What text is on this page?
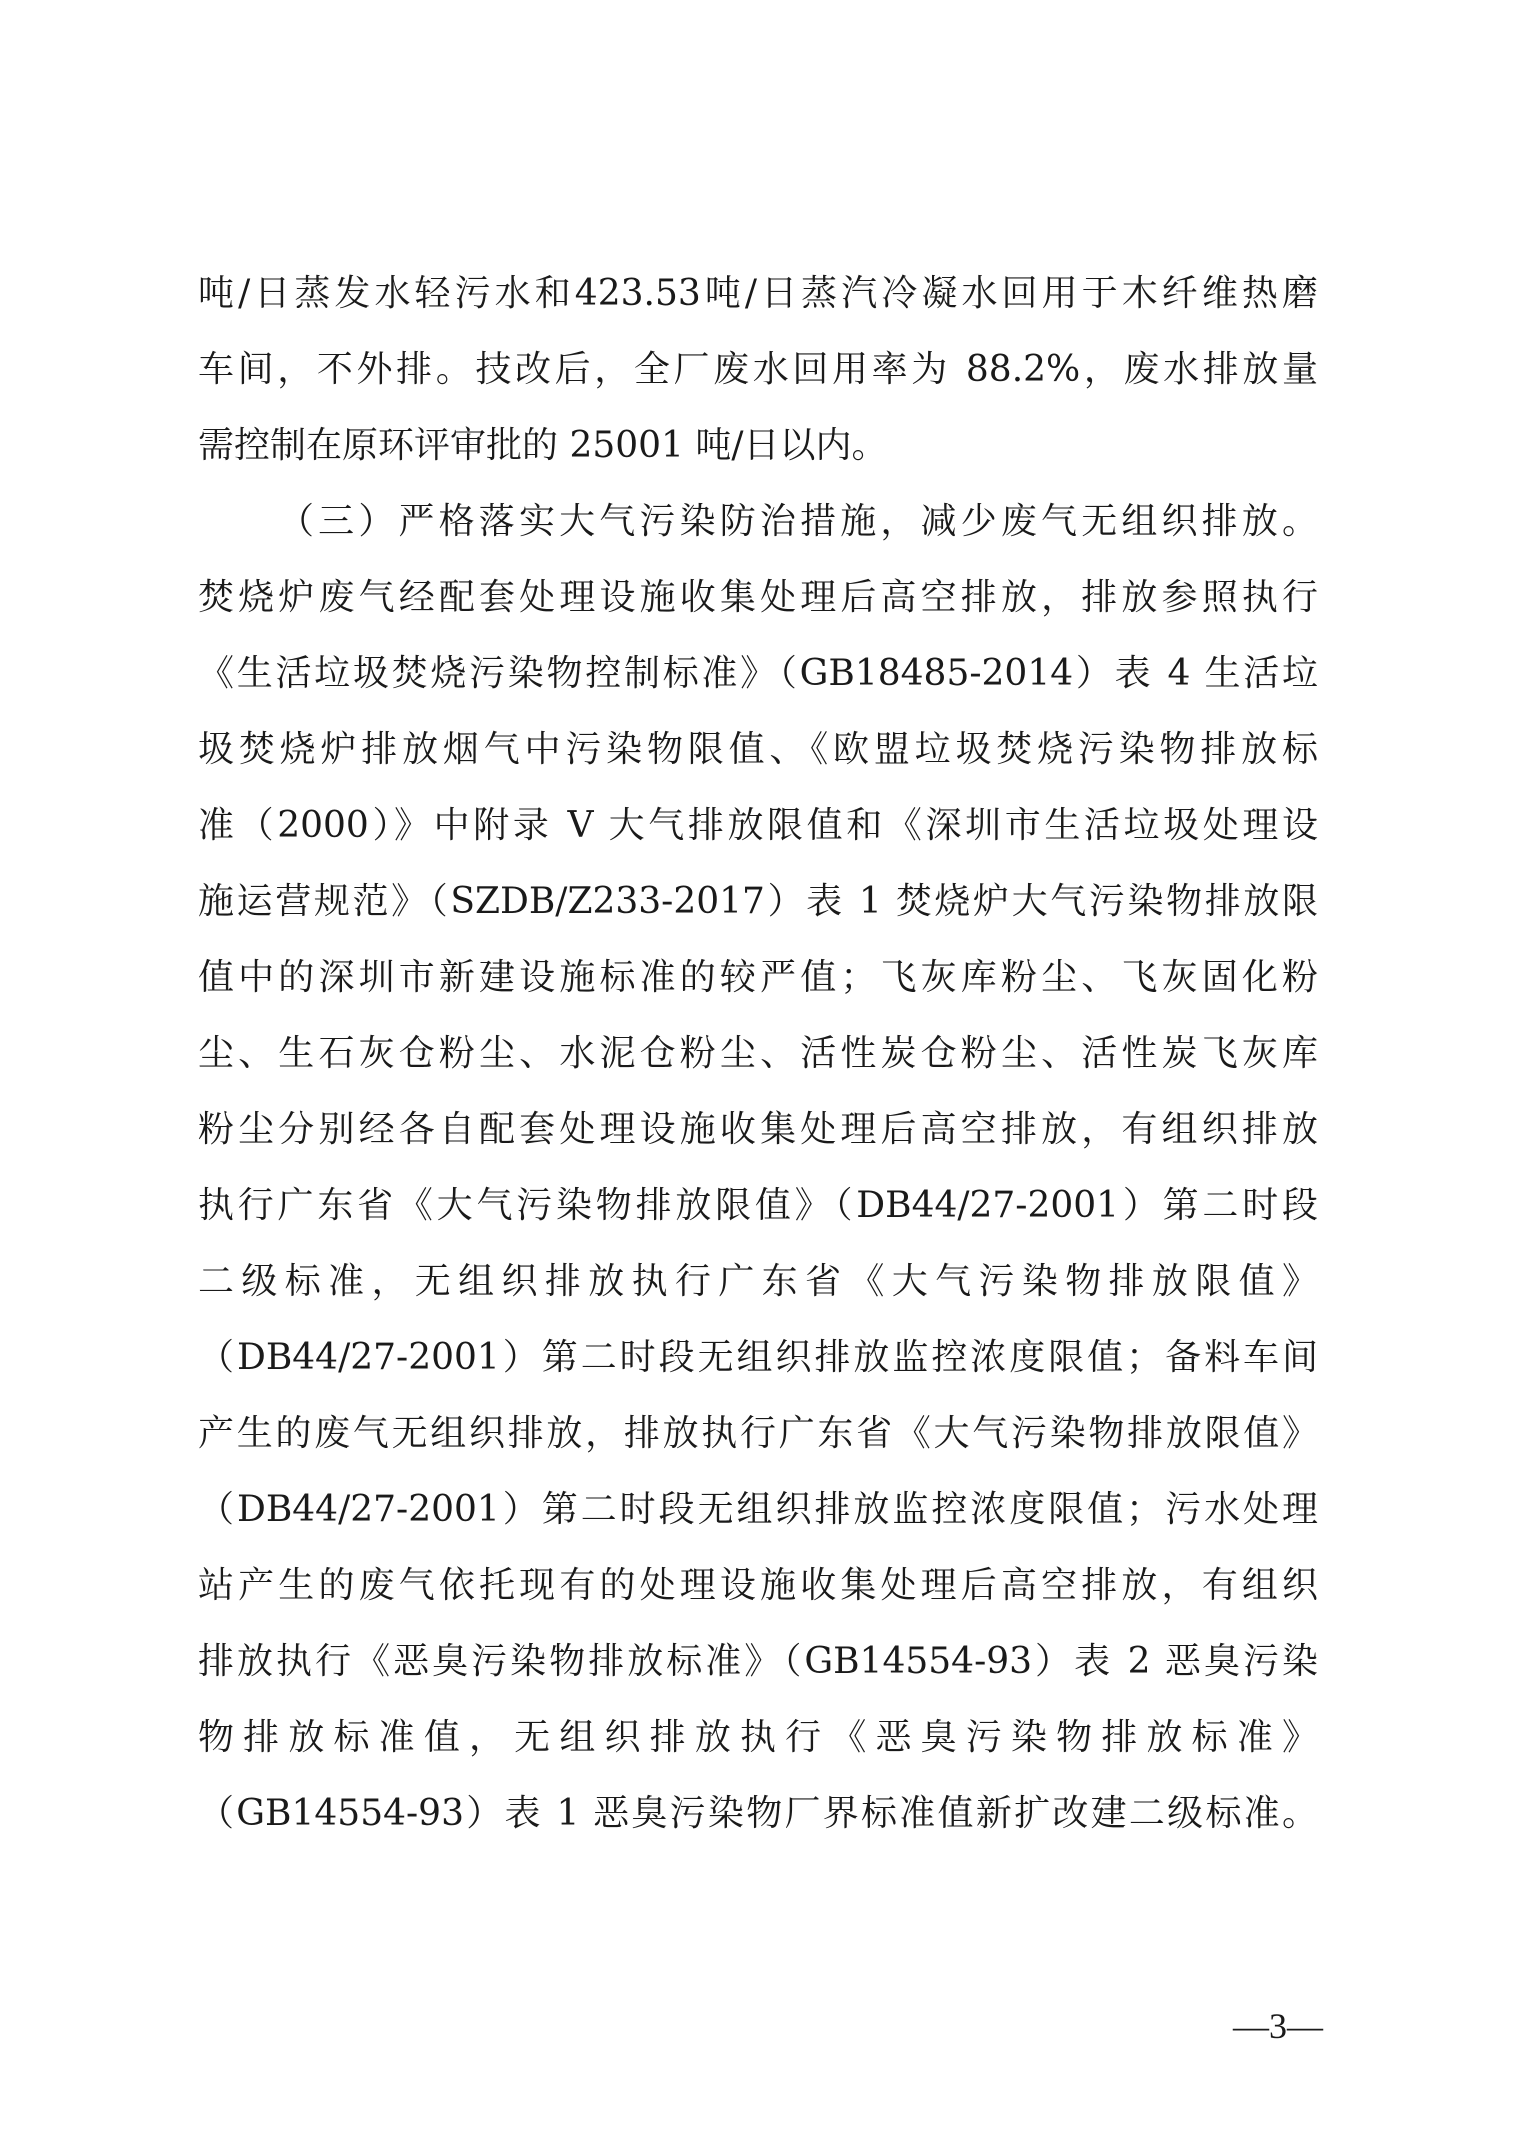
吨/日蒸发水轻污水和423.53吨/日蒸汽冷凝水回用于木纤维热磨
车间，不外排。技改后，全厂废水回用率为 88.2%，废水排放量
需控制在原环评审批的 25001 吨/日以内。
（三）严格落实大气污染防治措施，减少废气无组织排放。
焚烧炉废气经配套处理设施收集处理后高空排放，排放参照执行
《生活垃圾焚烧污染物控制标准》（GB18485-2014）表 4 生活垃
圾焚烧炉排放烟气中污染物限值、《欧盟垃圾焚烧污染物排放标
准（2000）》中附录 V 大气排放限值和《深圳市生活垃圾处理设
施运营规范》（SZDB/Z233-2017）表 1 焚烧炉大气污染物排放限
值中的深圳市新建设施标准的较严值；飞灰库粉尘、飞灰固化粉
尘、生石灰仓粉尘、水泥仓粉尘、活性炭仓粉尘、活性炭飞灰库
粉尘分别经各自配套处理设施收集处理后高空排放，有组织排放
执行广东省《大气污染物排放限值》（DB44/27-2001）第二时段
二级标准，无组织排放执行广东省《大气污染物排放限值》
（DB44/27-2001）第二时段无组织排放监控浓度限值；备料车间
产生的废气无组织排放，排放执行广东省《大气污染物排放限值》
（DB44/27-2001）第二时段无组织排放监控浓度限值；污水处理
站产生的废气依托现有的处理设施收集处理后高空排放，有组织
排放执行《恶臭污染物排放标准》（GB14554-93）表 2 恶臭污染
物排放标准值，无组织排放执行《恶臭污染物排放标准》
（GB14554-93）表 1 恶臭污染物厂界标准值新扩改建二级标准。
—3—
